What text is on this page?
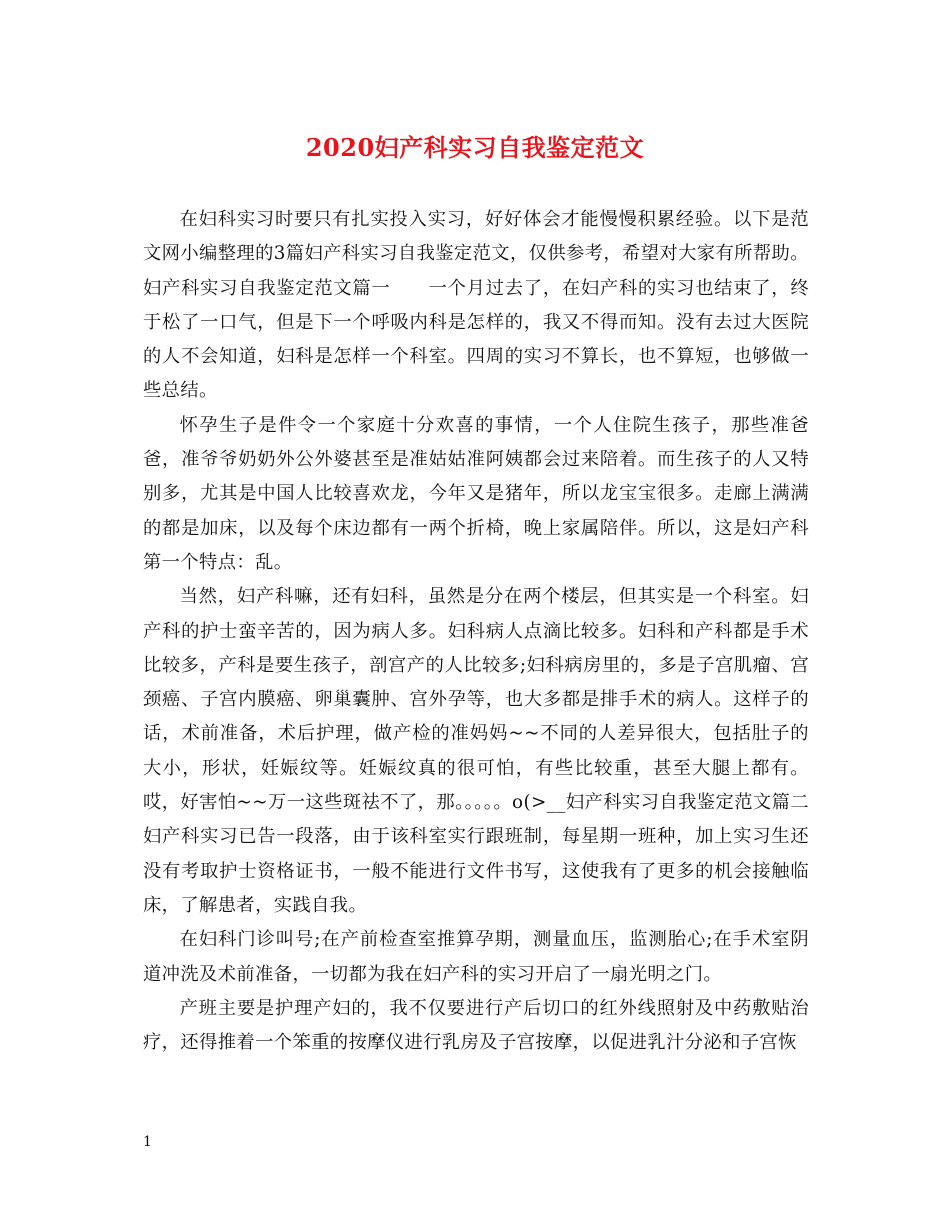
2020妇产科实习自我鉴定范文

在妇科实习时要只有扎实投入实习，好好体会才能慢慢积累经验。以下是范文网小编整理的3篇妇产科实习自我鉴定范文，仅供参考，希望对大家有所帮助。

妇产科实习自我鉴定范文篇一　　一个月过去了，在妇产科的实习也结束了，终于松了一口气，但是下一个呼吸内科是怎样的，我又不得而知。没有去过大医院的人不会知道，妇科是怎样一个科室。四周的实习不算长，也不算短，也够做一些总结。

怀孕生子是件令一个家庭十分欢喜的事情，一个人住院生孩子，那些准爸爸，准爷爷奶奶外公外婆甚至是准姑姑准阿姨都会过来陪着。而生孩子的人又特别多，尤其是中国人比较喜欢龙，今年又是猪年，所以龙宝宝很多。走廊上满满的都是加床，以及每个床边都有一两个折椅，晚上家属陪伴。所以，这是妇产科第一个特点：乱。

当然，妇产科嘛，还有妇科，虽然是分在两个楼层，但其实是一个科室。妇产科的护士蛮辛苦的，因为病人多。妇科病人点滴比较多。妇科和产科都是手术比较多，产科是要生孩子，剖宫产的人比较多;妇科病房里的，多是子宫肌瘤、宫颈癌、子宫内膜癌、卵巢囊肿、宫外孕等，也大多都是排手术的病人。这样子的话，术前准备，术后护理，做产检的准妈妈~~不同的人差异很大，包括肚子的大小，形状，妊娠纹等。妊娠纹真的很可怕，有些比较重，甚至大腿上都有。哎，好害怕~~万一这些斑祛不了，那。。。。。o(>__妇产科实习自我鉴定范文篇二妇产科实习已告一段落，由于该科室实行跟班制，每星期一班种，加上实习生还没有考取护士资格证书，一般不能进行文件书写，这使我有了更多的机会接触临床，了解患者，实践自我。

在妇科门诊叫号;在产前检查室推算孕期，测量血压，监测胎心;在手术室阴道冲洗及术前准备，一切都为我在妇产科的实习开启了一扇光明之门。

产班主要是护理产妇的，我不仅要进行产后切口的红外线照射及中药敷贴治疗，还得推着一个笨重的按摩仪进行乳房及子宫按摩，以促进乳汁分泌和子宫恢

1
